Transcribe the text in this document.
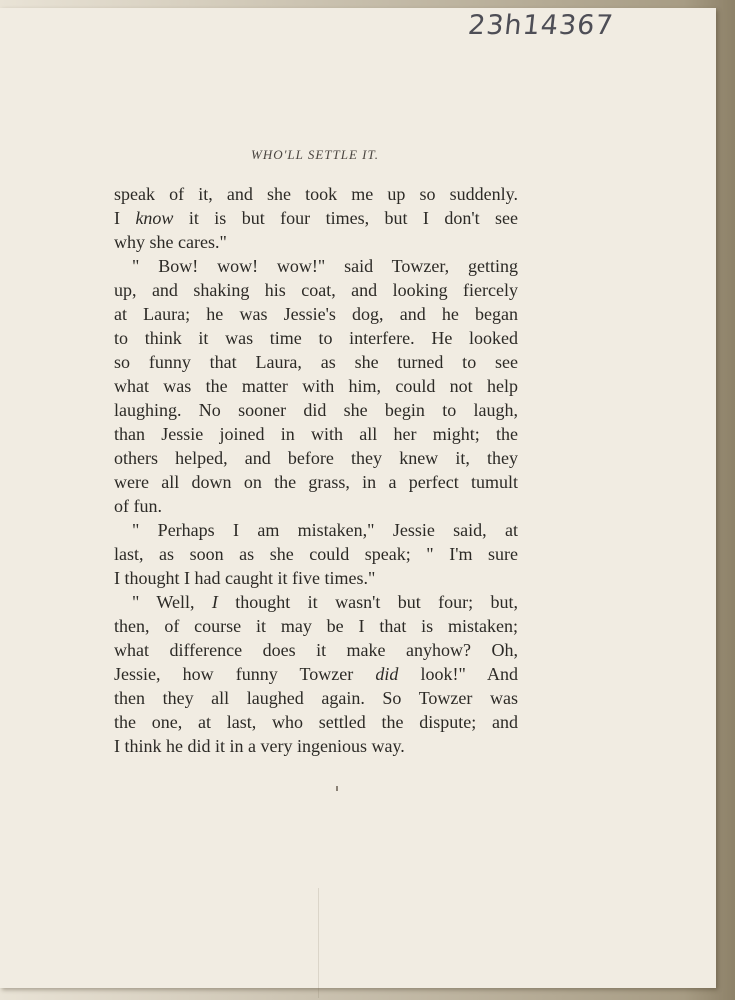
23h14367
WHO'LL SETTLE IT.
speak of it, and she took me up so suddenly.
I know it is but four times, but I don't see
why she cares."
" Bow! wow! wow!" said Towzer, getting
up, and shaking his coat, and looking fiercely
at Laura; he was Jessie's dog, and he began
to think it was time to interfere. He looked
so funny that Laura, as she turned to see
what was the matter with him, could not help
laughing. No sooner did she begin to laugh,
than Jessie joined in with all her might; the
others helped, and before they knew it, they
were all down on the grass, in a perfect tumult
of fun.
" Perhaps I am mistaken," Jessie said, at
last, as soon as she could speak; " I'm sure
I thought I had caught it five times."
" Well, I thought it wasn't but four; but,
then, of course it may be I that is mistaken;
what difference does it make anyhow? Oh,
Jessie, how funny Towzer did look!" And
then they all laughed again. So Towzer was
the one, at last, who settled the dispute; and
I think he did it in a very ingenious way.
